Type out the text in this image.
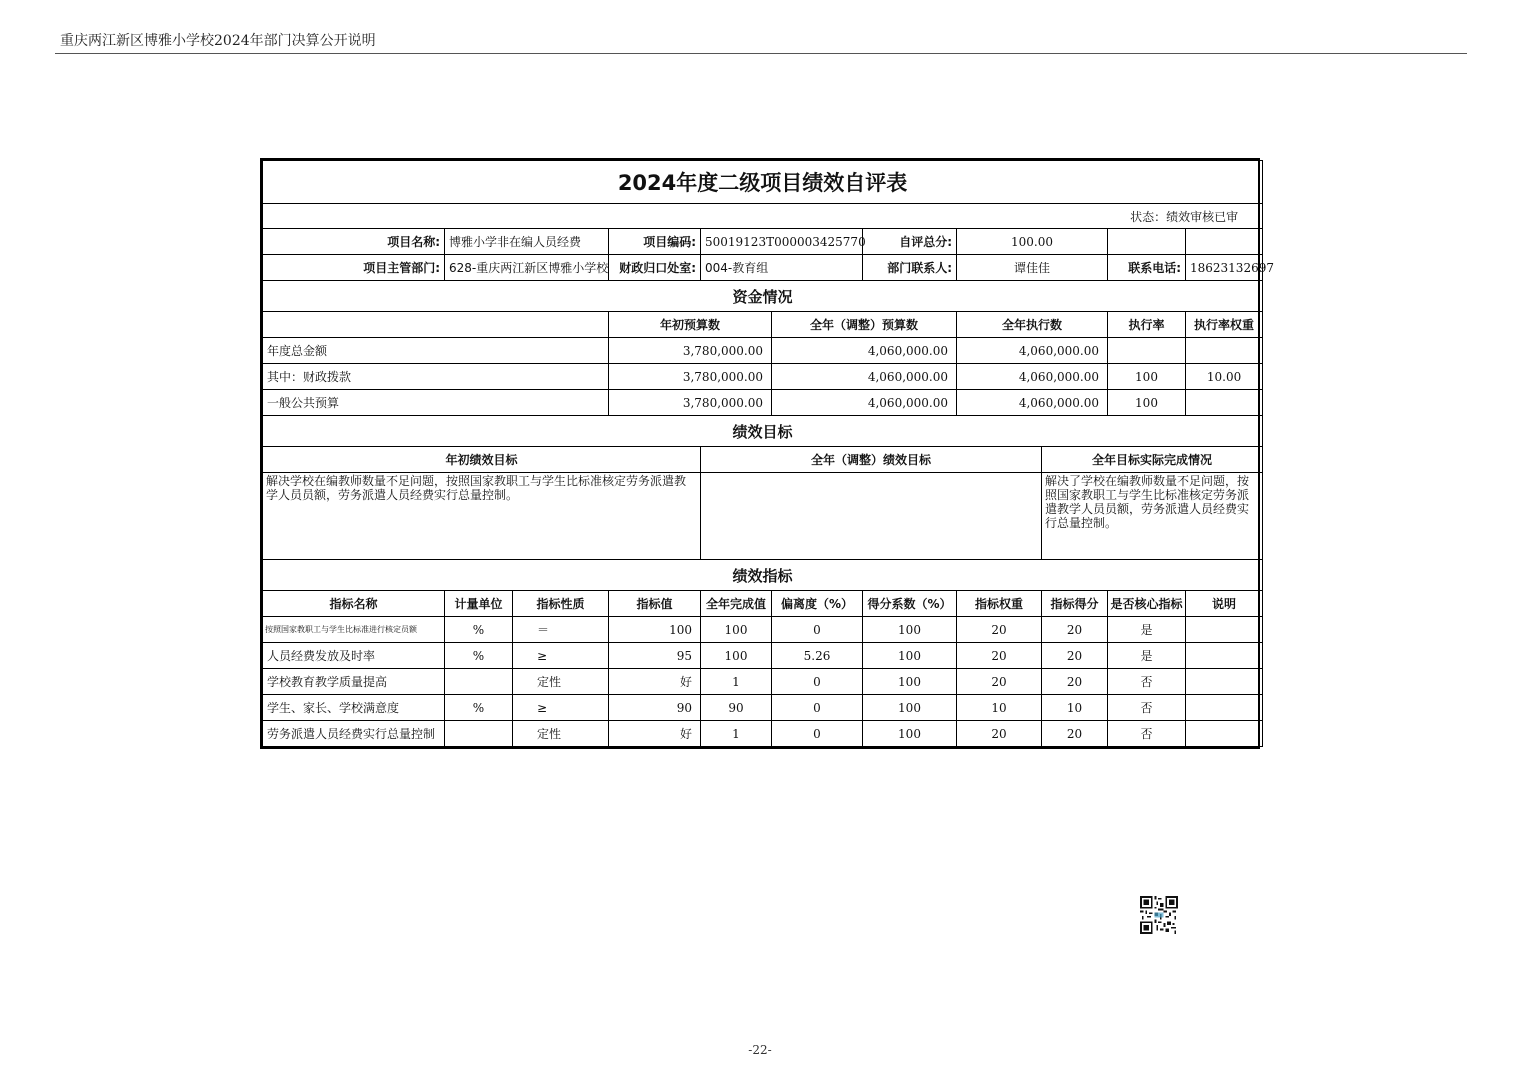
重庆两江新区博雅小学校2024年部门决算公开说明
2024年度二级项目绩效自评表											
状态：绩效审核已审											
项目名称:	博雅小学非在编人员经费		项目编码:	50019123T000003425770		自评总分:	100.00				
项目主管部门:	628-重庆两江新区博雅小学校		财政归口处室:	004-教育组		部门联系人:	谭佳佳		联系电话:	18623132697	
资金情况											
			年初预算数		全年（调整）预算数		全年执行数		执行率	执行率权重	
年度总金额			3,780,000.00		4,060,000.00		4,060,000.00				
其中：财政拨款			3,780,000.00		4,060,000.00		4,060,000.00		100	10.00	
一般公共预算			3,780,000.00		4,060,000.00		4,060,000.00		100		
绩效目标											
年初绩效目标				全年（调整）绩效目标				全年目标实际完成情况			
解决学校在编教师数量不足问题，按照国家教职工与学生比标准核定劳务派遣教学人员员额，劳务派遣人员经费实行总量控制。								解决了学校在编教师数量不足问题，按照国家教职工与学生比标准核定劳务派遣教学人员员额，劳务派遣人员经费实行总量控制。			
绩效指标											
指标名称	计量单位	指标性质	指标值	全年完成值	偏离度（%）	得分系数（%）	指标权重	指标得分	是否核心指标	说明	
按照国家教职工与学生比标准进行核定员额	%	＝	100	100	0	100	20	20	是		
人员经费发放及时率	%	≥	95	100	5.26	100	20	20	是		
学校教育教学质量提高		定性	好	1	0	100	20	20	否		
学生、家长、学校满意度	%	≥	90	90	0	100	10	10	否		
劳务派遣人员经费实行总量控制		定性	好	1	0	100	20	20	否		
-22-
